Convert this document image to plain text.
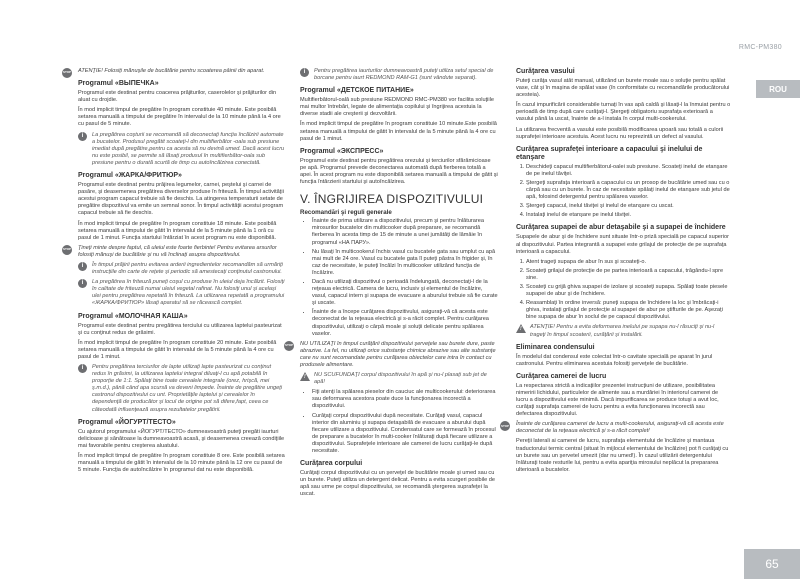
RMC-PM380
ROU
65
STOP ATENŢIE! Folosiţi mănuşile de bucătărie pentru scoaterea pâinii din aparat.
Programul «ВЫПЕЧКА»

Programul este destinat pentru coacerea prăjiturilor, caserolelor şi prăjiturilor din aluat cu drojdie.

În mod implicit timpul de pregătire în program constituie 40 minute. Este posibilă setarea manuală a timpului de pregătire în intervalul de la 10 minute până la 4 ore cu pasul de 5 minute.

i	La pregătirea coşturii se recomandă să deconectaţi funcţia încălzirii automate a bucatelor. Produsul pregătit scoateţi-l din multifierbător -oala sub presiune imediat după pregătire,pentru ca acesta să nu devină umed. Dacă acest lucru nu este posibil, se permite să lăsaţi produsul în multifierbător-oala sub presiune pentru o durată scurtă de timp cu autoîncălzirea conectată.
Programul «ЖАРКА/ФРИТЮР»

Programul este destinat pentru prăjirea legumelor, carnei, peştelui şi carnei de pasăre, şi deasemenea pregătirea diverselor produse în friteuză. În timpul activităţii acestui program capacul trebuie să fie deschis. La atingerea temperaturii setate de pregătire dispozitivul va emite un semnal sonor. În timpul activităţii acestui program capacul trebuie să fie deschis.

În mod implicit timpul de pregătire în program constituie 18 minute. Este posibilă setarea manuală a timpului de gătit în intervalul de la 5 minute până la 1 oră cu pasul de 1 minut. Funcţia startului întârziat în acest program nu este disponibilă.

STOP Ţineţi minte despre faptul, că uleiul este foarte fierbinte! Pentru evitarea arsurilor folosiţi mănuşi de bucătărie şi nu vă înclinaţi asupra dispozitivului.
i	În timpul prăjirii pentru evitarea arderii ingredientelor recomandăm să urmăriţi instrucţiile din carte de reţete şi periodic să amestecaţi conţinutul castronului.
i	La pregătirea în friteuză puneţi coşul cu produse în uleiul deja încălzit. Folosiţi în calitate de friteuză numai uleiul vegetal rafinat. Nu folosiţi unul şi acelaşi ulei pentru pregătirea repetată în friteuză. La utilizarea repetată a programului «ЖАРКА/ФРИТЮР» lăsaţi aparatul să se răcească complet.
Programul «МОЛОЧНАЯ КАША»

Programul este destinat pentru pregătirea terciului cu utilizarea laptelui pasteurizat şi cu conţinut redus de grăsimi.

În mod implicit timpul de pregătire în program constituie 20 minute. Este posibilă setarea manuală a timpului de gătit în intervalul de la 5 minute până la 4 ore cu pasul de 1 minut.

i	Pentru pregătirea terciurilor de lapte utilizaţi lapte pasteurizat cu conţinut redus în grăsimi, la utilizarea laptelui integral diluaţi-l cu apă potabilă în proporţie de 1:1. Spălaţi bine toate cerealele integrale (orez, hrişcă, mei ş.m.d.), până când apa scursă va deveni limpede. Înainte de pregătire ungeţi castronul dispozitivului cu unt. Proprietăţile laptelui şi cerealelor în dependenţă de producător şi locul de origine pot să difere,fapt, ceea ce câteodată influenţează asupra rezultatelor pregătirii.
Programul «ЙОГУРТ/ТЕСТО»

Cu ajutorul programului «ЙОГУРТ/ТЕСТО» dumneavoastră puteţi pregăti iaurturi delicioase şi sănătoase la dumneavoastră acasă, şi deasemenea creează condiţiile mai favorabile pentru creşterea aluatului.

În mod implicit timpul de pregătire în program constituie 8 ore. Este posibilă setarea manuală a timpului de gătit în intervalul de la 10 minute până la 12 ore cu pasul de 5 minute. Funcţia de autoîncălzire în programul dat nu este disponibilă.

i	Pentru pregătirea iaurturilor dumneavoastră puteţi utiliza setul special de borcane pentru iaurt REDMOND RAM-G1 (sunt vândute separat).
Programul «ДЕТСКОЕ ПИТАНИЕ»

Multifierbătorul-oală sub presiune REDMOND RMC-PM380 vor facilita soluţiile mai multor întrebări, legate de alimentaţia copilului şi îngrijirea acestuia la diverse stadii ale creşterii şi dezvoltării.

În mod implicit timpul de pregătire în program constituie 10 minute.Este posibilă setarea manuală a timpului de gătit în intervalul de la 5 minute până la 4 ore cu pasul de 1 minut.

Programul «ЭКСПРЕСС»

Programul este destinat pentru pregătirea orezului şi terciurilor sfărâmicioase pe apă. Programul prevede deconectarea automată după fierberea totală a apei. În acest program nu este disponibilă setarea manuală a timpului de gătit şi funcţia întârzierii startului şi autoîncălzirea.

V. ÎNGRIJIREA DISPOZITIVULUI
Recomandări şi reguli generale
• Înainte de prima utilizare a dispozitivului, precum şi pentru înlăturarea mirosurilor bucatelor din multicooker după preparare, se recomandă fierberea în acesta timp de 15 de minute a unei jumătăţi de lămâie în programul «НА ПАРУ».
• Nu lăsaţi în multicookerul închis vasul cu bucatele gata sau umplut cu apă mai mult de 24 ore. Vasul cu bucatele gata îl puteţi păstra în frigider şi, în caz de necesitate, le puteţi încălzi în multicooker utilizând funcţia de încălzire.
• Dacă nu utilizaţi dispozitivul o perioadă îndelungată, deconectaţi-l de la reţeaua electrică. Camera de lucru, inclusiv şi elementul de încălzire, vasul, capacul intern şi supapa de evacuare a aburului trebuie să fie curate şi uscate.
• Înainte de a începe curăţarea dispozitivului, asiguraţi-vă că acesta este deconectat de la reţeaua electrică şi s-a răcit complet. Pentru curăţarea dispozitivului, utilizaţi o cârpă moale şi soluţii delicate pentru spălarea vaselor.
STOP NU UTILIZAŢI în timpul curăţării dispozitivului şerveţele sau burete dure, paste abrazive. La fel, nu utilizaţi orice substanţe chimice abrazive sau alte substanţe care nu sunt recomandate pentru curăţarea obiectelor care intra în contact cu produsele alimentare.
! NU SCUFUNDAŢI corpul dispozitivului în apă şi nu-l plasaţi sub jet de apă!
• Fiţi atenţi la spălarea pieselor din cauciuc ale multicookerului: deteriorarea sau deformarea acestora poate duce la funcţionarea incorectă a dispozitivului.
• Curăţaţi corpul dispozitivului după necesitate. Curăţaţi vasul, capacul interior din aluminiu şi supapa detaşabilă de evacuare a aburului după fiecare utilizare a dispozitivului. Condensatul care se formează în procesul de preparare a bucatelor în multi-cooker înlăturaţi după fiecare utilizare a dispozitivului. Suprafeţele interioare ale camerei de lucru curăţaţi-le după necesitate.
Curăţarea corpului

Curăţaţi corpul dispozitivului cu un şerveţel de bucătărie moale şi umed sau cu un burete. Puteţi utiliza un detergent delicat. Pentru a evita scurgeri posibile de apă sau urme pe corpul dispozitivului, se recomandă ştergerea suprafeţei la uscat.

Curăţarea vasului

Puteţi curăţa vasul atât manual, utilizând un burete moale sau o soluţie pentru spălat vase, cât şi în maşina de spălat vase (în conformitate cu recomandările producătorului acesteia).

În cazul impurificării considerabile turnaţi în vas apă caldă şi lăsaţi-l la înmuiat pentru o perioadă de timp după care curăţaţi-l. Ştergeţi obligatoriu suprafaţa exterioară a vasului până la uscat, înainte de a-l instala în corpul multi-cookerului.

La utilizarea frecventă a vasului este posibilă modificarea upoară sau totală a culorii suprafeţei interioare acestuia. Acest lucru nu reprezintă un defect al vasului.

Curăţarea suprafeţei interioare a capacului şi inelului de etanşare
1. Deschideţi capacul multifierbătorul-oalei sub presiune. Scoateţi inelul de etanşare de pe inelul tăviţei.
2. Ştergeţi suprafaţa interioară a capacului cu un prosop de bucătărie umed sau cu o cârpă sau cu un burete. În caz de necesitate spălaţi inelul de etanşare sub jetul de apă, folosind detergentul pentru spălarea vaselor.
3. Ştergeţi capacul, inelul tăviţei şi inelul de etanşare cu uscat.
4. Instalaţi inelul de etanşare pe inelul tăviţei.
Curăţarea supapei de abur detaşabile şi a supapei de închidere

Supapele de abur şi de închidere sunt situate într-o priză specială pe capacul superior al dispozitivului. Partea integrantă a supapei este grilajul de protecţie de pe suprafaţa interioară a capacului.

1. Atent trageţi supapa de abur în sus şi scoateţi-o.
2. Scoateţi grilajul de protecţie de pe partea interioară a capacului, trăgându-l spre sine.
3. Scoateţi cu grijă ghiva supapei de izolare şi scoateţi supapa. Spălaţi toate piesele supapei de abur şi de închidere.
4. Reasamblaţi în ordine inversă: puneţi supapa de închidere la loc şi îmbrăcaţi-i ghiva, instalaţi grilajul de protecţie al supapei de abur pe ştifturile de pe. Aşezaţi bine supapa de abur în soclul de pe capacul dispozitivului.
! ATENŢIE! Pentru a evita deformarea inelului pe supapa nu-l răsuciţi şi nu-l trageţi în timpul scoaterii, curăţării şi instalării.
Eliminarea condensului

În modelul dat condensul este colectat într-o cavitate specială pe aparat în jurul castronului. Pentru eliminarea acestuia folosiţi şerveţele de bucătărie.

Curăţarea camerei de lucru

La respectarea strictă a indicaţiilor prezentei instrucţiuni de utilizare, posibilitatea nimeririi lichidului, particulelor de alimente sau a murdăriei în interiorul camerei de lucru a dispozitivului este minimă. Dacă impurificarea se produce totuşi a avut loc, curăţaţi suprafaţa camerei de lucru pentru a evita funcţionarea incorectă sau defectarea dispozitivului.

STOP Înainte de curăţarea camerei de lucru a multi-cookerului, asiguraţi-vă că acesta este deconectat de la reţeaua electrică şi s-a răcit complet!

Pereţii laterali ai camerei de lucru, suprafaţa elementului de încălzire şi mantaua traductorului termic central (situat în mijlocul elementului de încălzire) pot fi curăţaţi cu un burete sau un şervetel umezit (dar nu umed!). În cazul utilizării detergentului înlăturaţi toate resturile lui, pentru a evita apariţia mirosului neplăcut la prepararea ulterioară a bucatelor.
